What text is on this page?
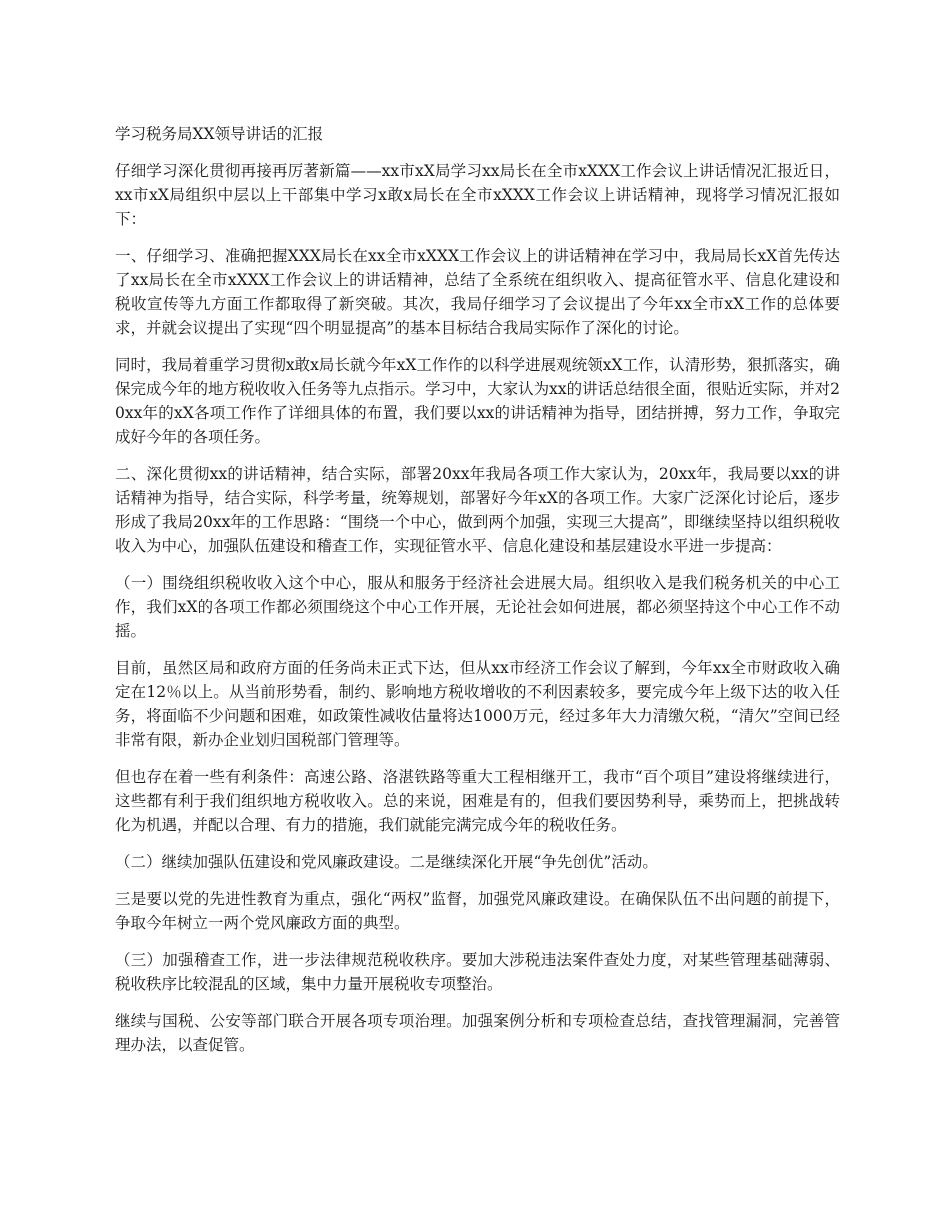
学习税务局XX领导讲话的汇报

仔细学习深化贯彻再接再厉著新篇——xx市xX局学习xx局长在全市xXXX工作会议上讲话情况汇报近日，xx市xX局组织中层以上干部集中学习x敢x局长在全市xXXX工作会议上讲话精神，现将学习情况汇报如下：

一、仔细学习、准确把握XXX局长在xx全市xXXX工作会议上的讲话精神在学习中，我局局长xX首先传达了xx局长在全市xXXX工作会议上的讲话精神，总结了全系统在组织收入、提高征管水平、信息化建设和税收宣传等九方面工作都取得了新突破。其次，我局仔细学习了会议提出了今年xx全市xX工作的总体要求，并就会议提出了实现“四个明显提高”的基本目标结合我局实际作了深化的讨论。

同时，我局着重学习贯彻x敢x局长就今年xX工作作的以科学进展观统领xX工作，认清形势，狠抓落实，确保完成今年的地方税收收入任务等九点指示。学习中，大家认为xx的讲话总结很全面，很贴近实际，并对20xx年的xX各项工作作了详细具体的布置，我们要以xx的讲话精神为指导，团结拼搏，努力工作，争取完成好今年的各项任务。

二、深化贯彻xx的讲话精神，结合实际，部署20xx年我局各项工作大家认为，20xx年，我局要以xx的讲话精神为指导，结合实际，科学考量，统筹规划，部署好今年xX的各项工作。大家广泛深化讨论后，逐步形成了我局20xx年的工作思路：“围绕一个中心，做到两个加强，实现三大提高”，即继续坚持以组织税收收入为中心，加强队伍建设和稽查工作，实现征管水平、信息化建设和基层建设水平进一步提高：

（一）围绕组织税收收入这个中心，服从和服务于经济社会进展大局。组织收入是我们税务机关的中心工作，我们xX的各项工作都必须围绕这个中心工作开展，无论社会如何进展，都必须坚持这个中心工作不动摇。

目前，虽然区局和政府方面的任务尚未正式下达，但从xx市经济工作会议了解到，今年xx全市财政收入确定在12％以上。从当前形势看，制约、影响地方税收增收的不利因素较多，要完成今年上级下达的收入任务，将面临不少问题和困难，如政策性减收估量将达1000万元，经过多年大力清缴欠税，“清欠”空间已经非常有限，新办企业划归国税部门管理等。

但也存在着一些有利条件：高速公路、洛湛铁路等重大工程相继开工，我市“百个项目”建设将继续进行，这些都有利于我们组织地方税收收入。总的来说，困难是有的，但我们要因势利导，乘势而上，把挑战转化为机遇，并配以合理、有力的措施，我们就能完满完成今年的税收任务。

（二）继续加强队伍建设和党风廉政建设。二是继续深化开展“争先创优”活动。

三是要以党的先进性教育为重点，强化“两权”监督，加强党风廉政建设。在确保队伍不出问题的前提下，争取今年树立一两个党风廉政方面的典型。

（三）加强稽查工作，进一步法律规范税收秩序。要加大涉税违法案件查处力度，对某些管理基础薄弱、税收秩序比较混乱的区域，集中力量开展税收专项整治。

继续与国税、公安等部门联合开展各项专项治理。加强案例分析和专项检查总结，查找管理漏洞，完善管理办法，以查促管。
